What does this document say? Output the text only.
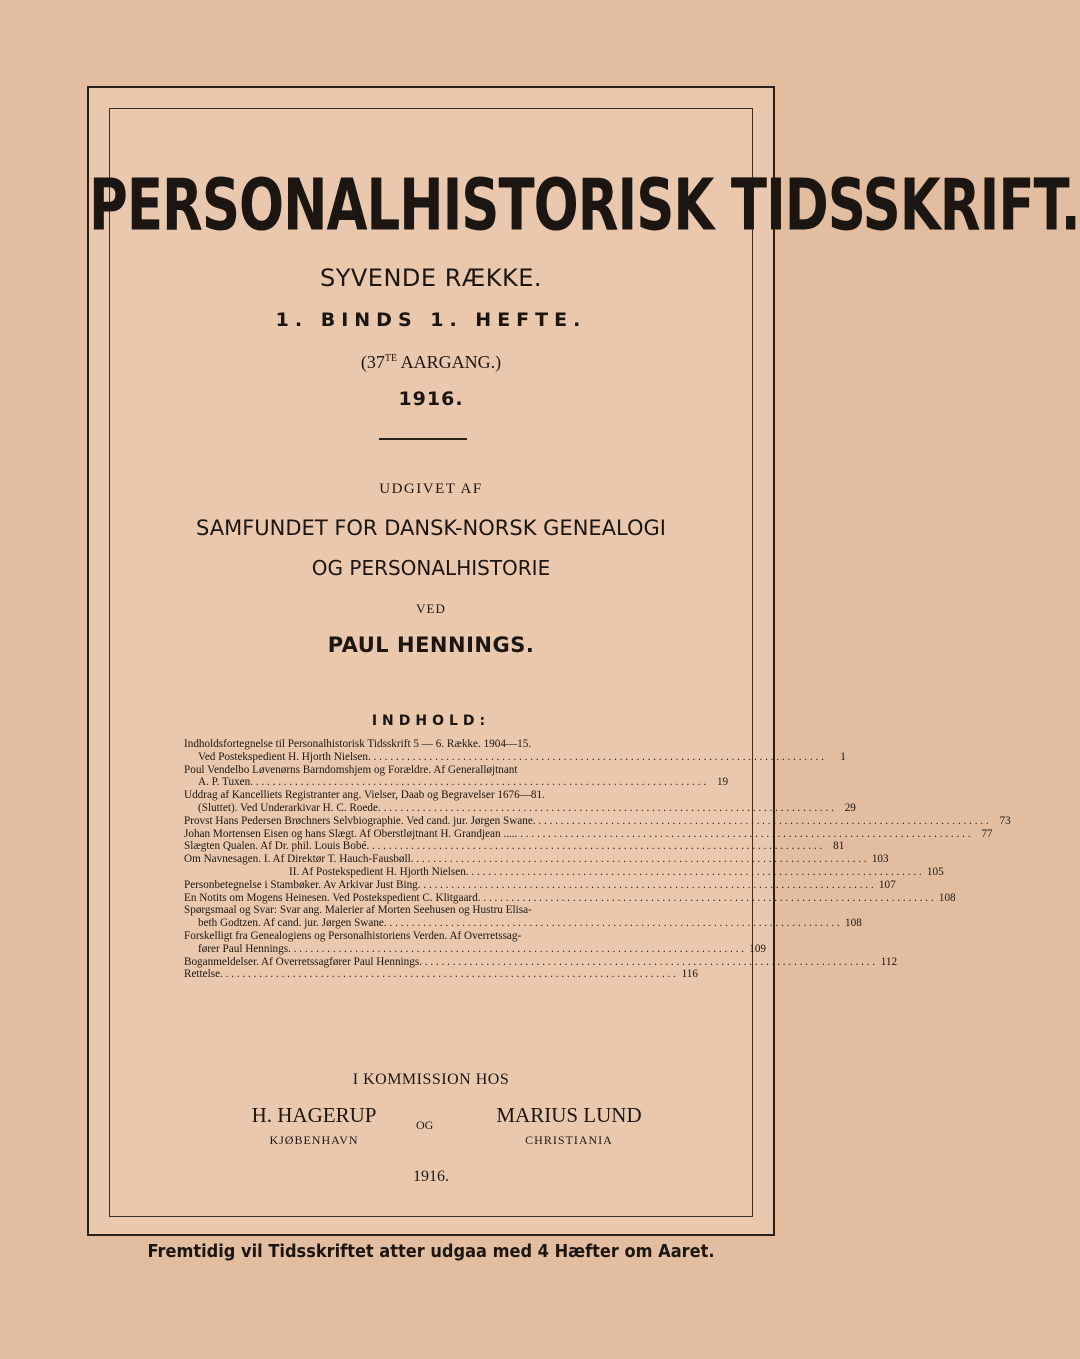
PERSONALHISTORISK TIDSSKRIFT.
SYVENDE RÆKKE.
1. BINDS 1. HEFTE.
($37^{TE}$ AARGANG.)
1916.
UDGIVET AF
SAMFUNDET FOR DANSK-NORSK GENEALOGI
OG PERSONALHISTORIE
VED
PAUL HENNINGS.
INDHOLD:
Indholdsfortegnelse til Personalhistorisk Tidsskrift 5 — 6. Række. 1904—15.
Ved Postekspedient H. Hjorth Nielsen . . .	1
Poul Vendelbo Løvenørns Barndomshjem og Forældre. Af Generalløjtnant
A. P. Tuxen . . .	19
Uddrag af Kancelliets Registranter ang. Vielser, Daab og Begravelser 1676—81.
(Sluttet). Ved Underarkivar H. C. Roede . . .	29
Provst Hans Pedersen Brøchners Selvbiographie. Ved cand. jur. Jørgen Swane . . .	73
Johan Mortensen Eisen og hans Slægt. Af Oberstløjtnant H. Grandjean .... . . .	77
Slægten Qualen. Af Dr. phil. Louis Bobé . . .	81
Om Navnesagen. I. Af Direktør T. Hauch-Fausbøll . . .	103
II. Af Postekspedient H. Hjorth Nielsen . . .	105
Personbetegnelse i Stambøker. Av Arkivar Just Bing . . .	107
En Notits om Mogens Heinesen. Ved Postekspedient C. Klitgaard . . .	108
Spørgsmaal og Svar: Svar ang. Malerier af Morten Seehusen og Hustru Elisa-
beth Godtzen. Af cand. jur. Jørgen Swane . . .	108
Forskelligt fra Genealogiens og Personalhistoriens Verden. Af Overretssag-
fører Paul Hennings . . .	109
Boganmeldelser. Af Overretssagfører Paul Hennings . . .	112
Rettelse . . .	116
I KOMMISSION HOS
H. HAGERUP
KJØBENHAVN
OG	MARIUS LUND
CHRISTIANIA
1916.
Fremtidig vil Tidsskriftet atter udgaa med 4 Hæfter om Aaret.
